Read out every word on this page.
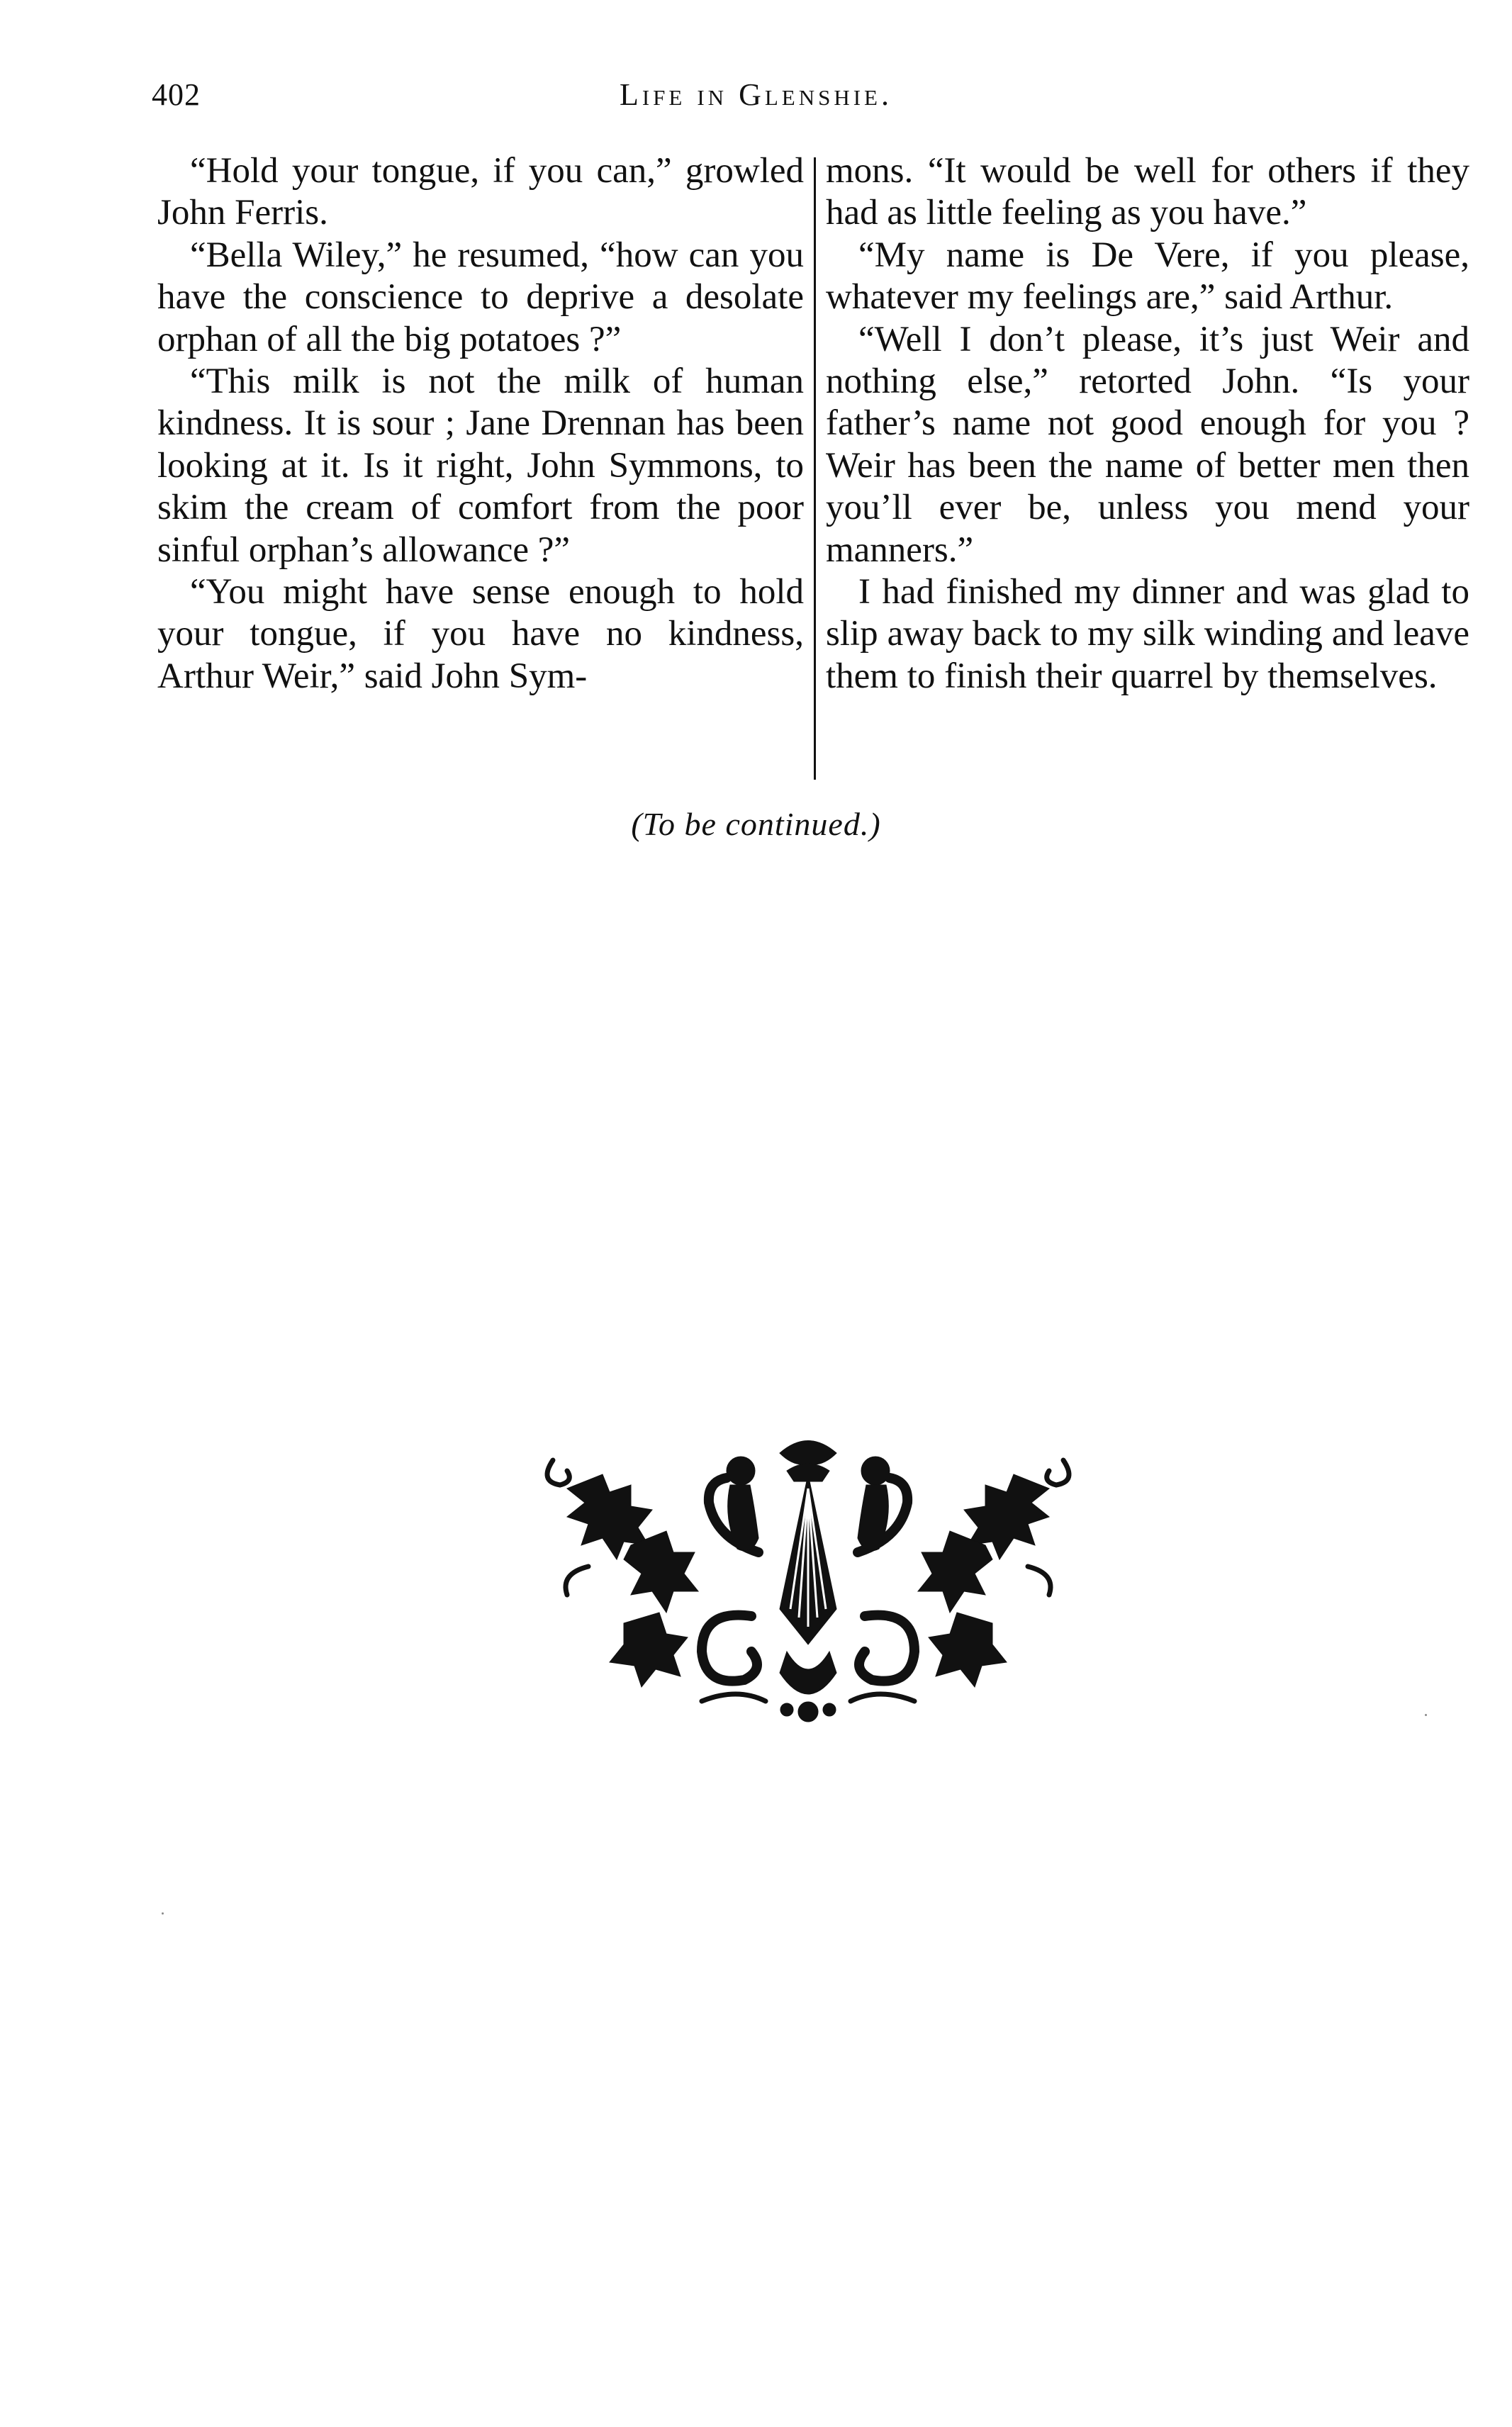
402	Life in Glenshie.

“Hold your tongue, if you can,” growled John Ferris.

“Bella Wiley,” he resumed, “how can you have the conscience to deprive a desolate orphan of all the big potatoes ?”

“This milk is not the milk of human kindness. It is sour ; Jane Drennan has been looking at it. Is it right, John Symmons, to skim the cream of comfort from the poor sinful orphan’s allowance ?”

“You might have sense enough to hold your tongue, if you have no kindness, Arthur Weir,” said John Sym-

mons. “It would be well for others if they had as little feeling as you have.”

“My name is De Vere, if you please, whatever my feelings are,” said Arthur.

“Well I don’t please, it’s just Weir and nothing else,” retorted John. “Is your father’s name not good enough for you ? Weir has been the name of better men then you’ll ever be, unless you mend your manners.”

I had finished my dinner and was glad to slip away back to my silk winding and leave them to finish their quarrel by themselves.

(To be continued.)
